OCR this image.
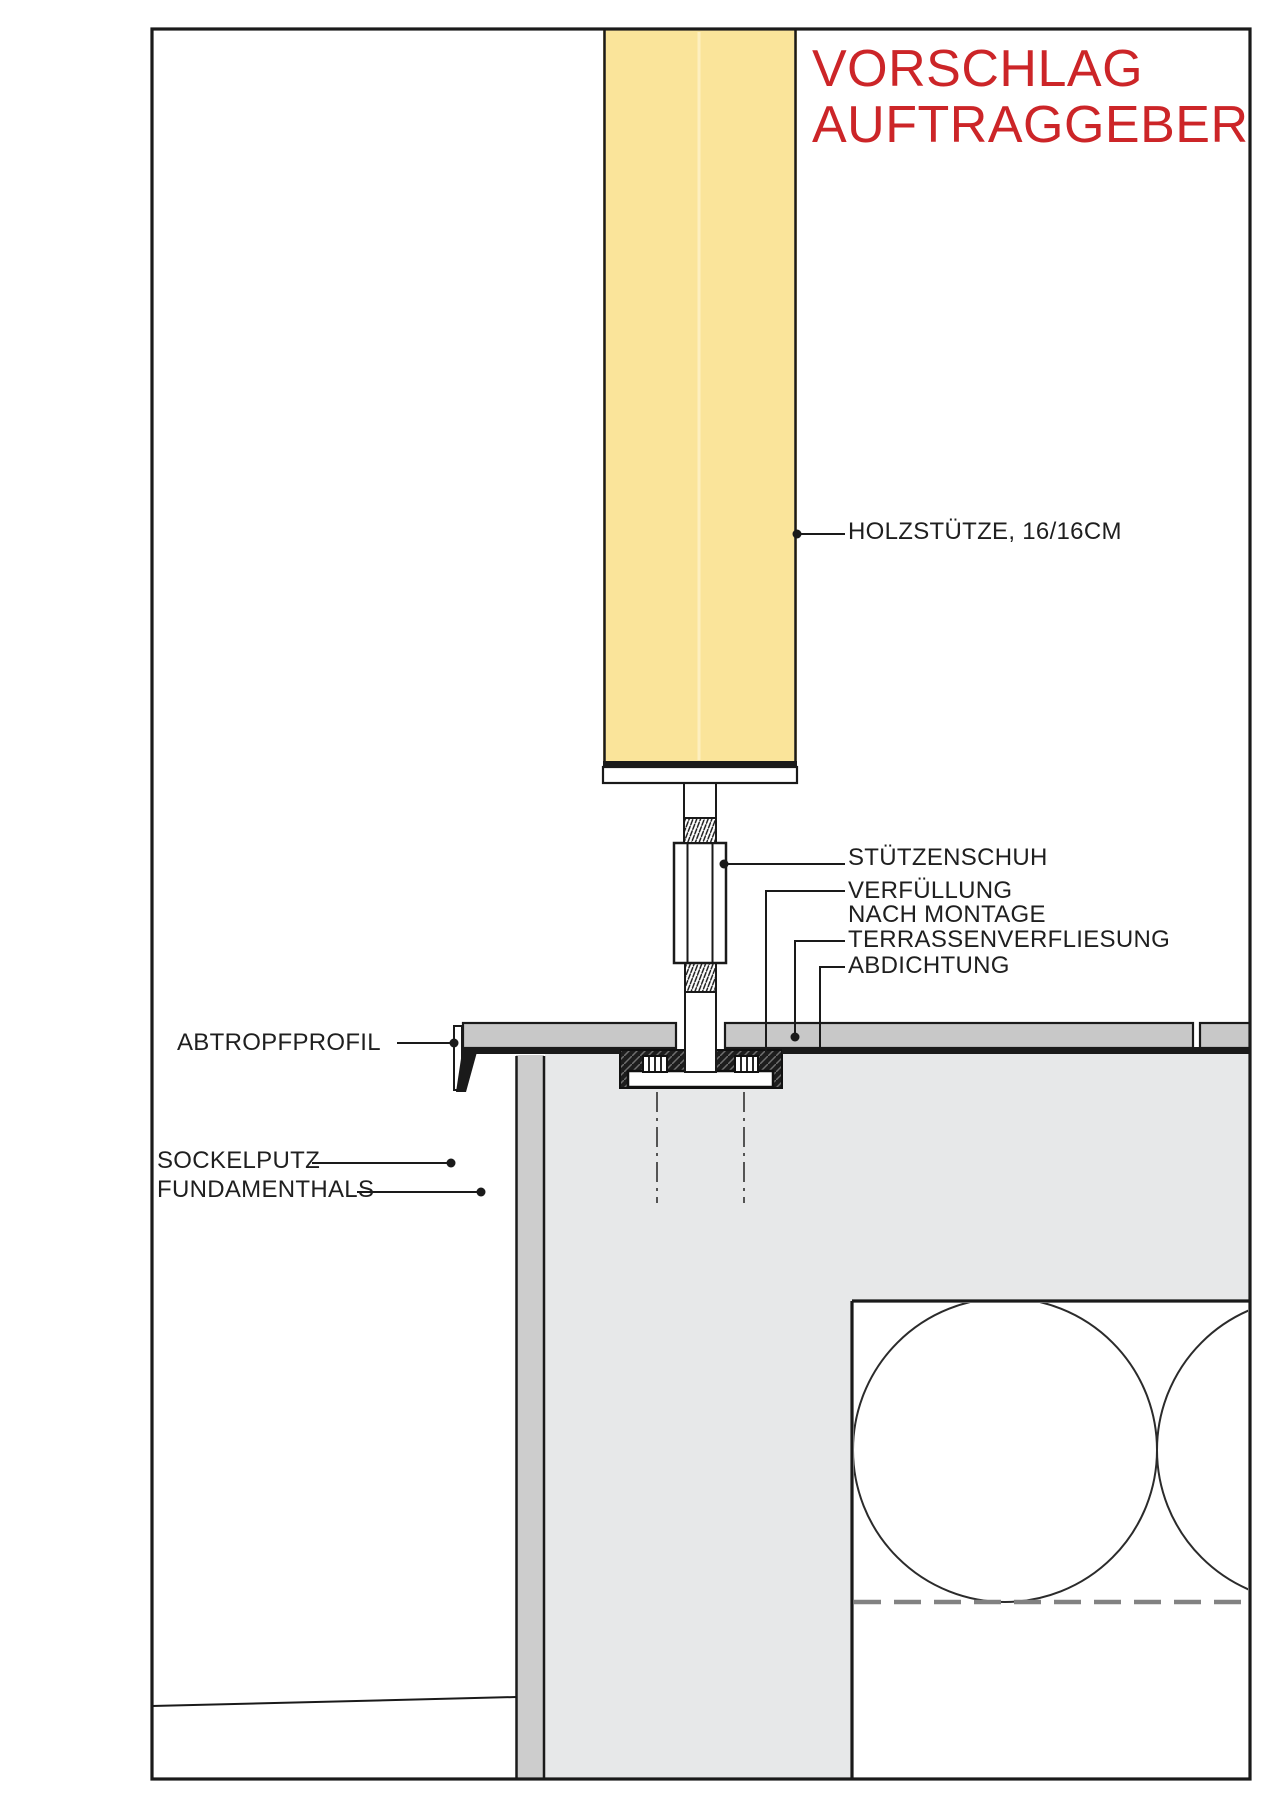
VORSCHLAG
AUFTRAGGEBER
HOLZSTÜTZE, 16/16CM
STÜTZENSCHUH
VERFÜLLUNG
NACH MONTAGE
TERRASSENVERFLIESUNG
ABDICHTUNG
ABTROPFPROFIL
SOCKELPUTZ
FUNDAMENTHALS
